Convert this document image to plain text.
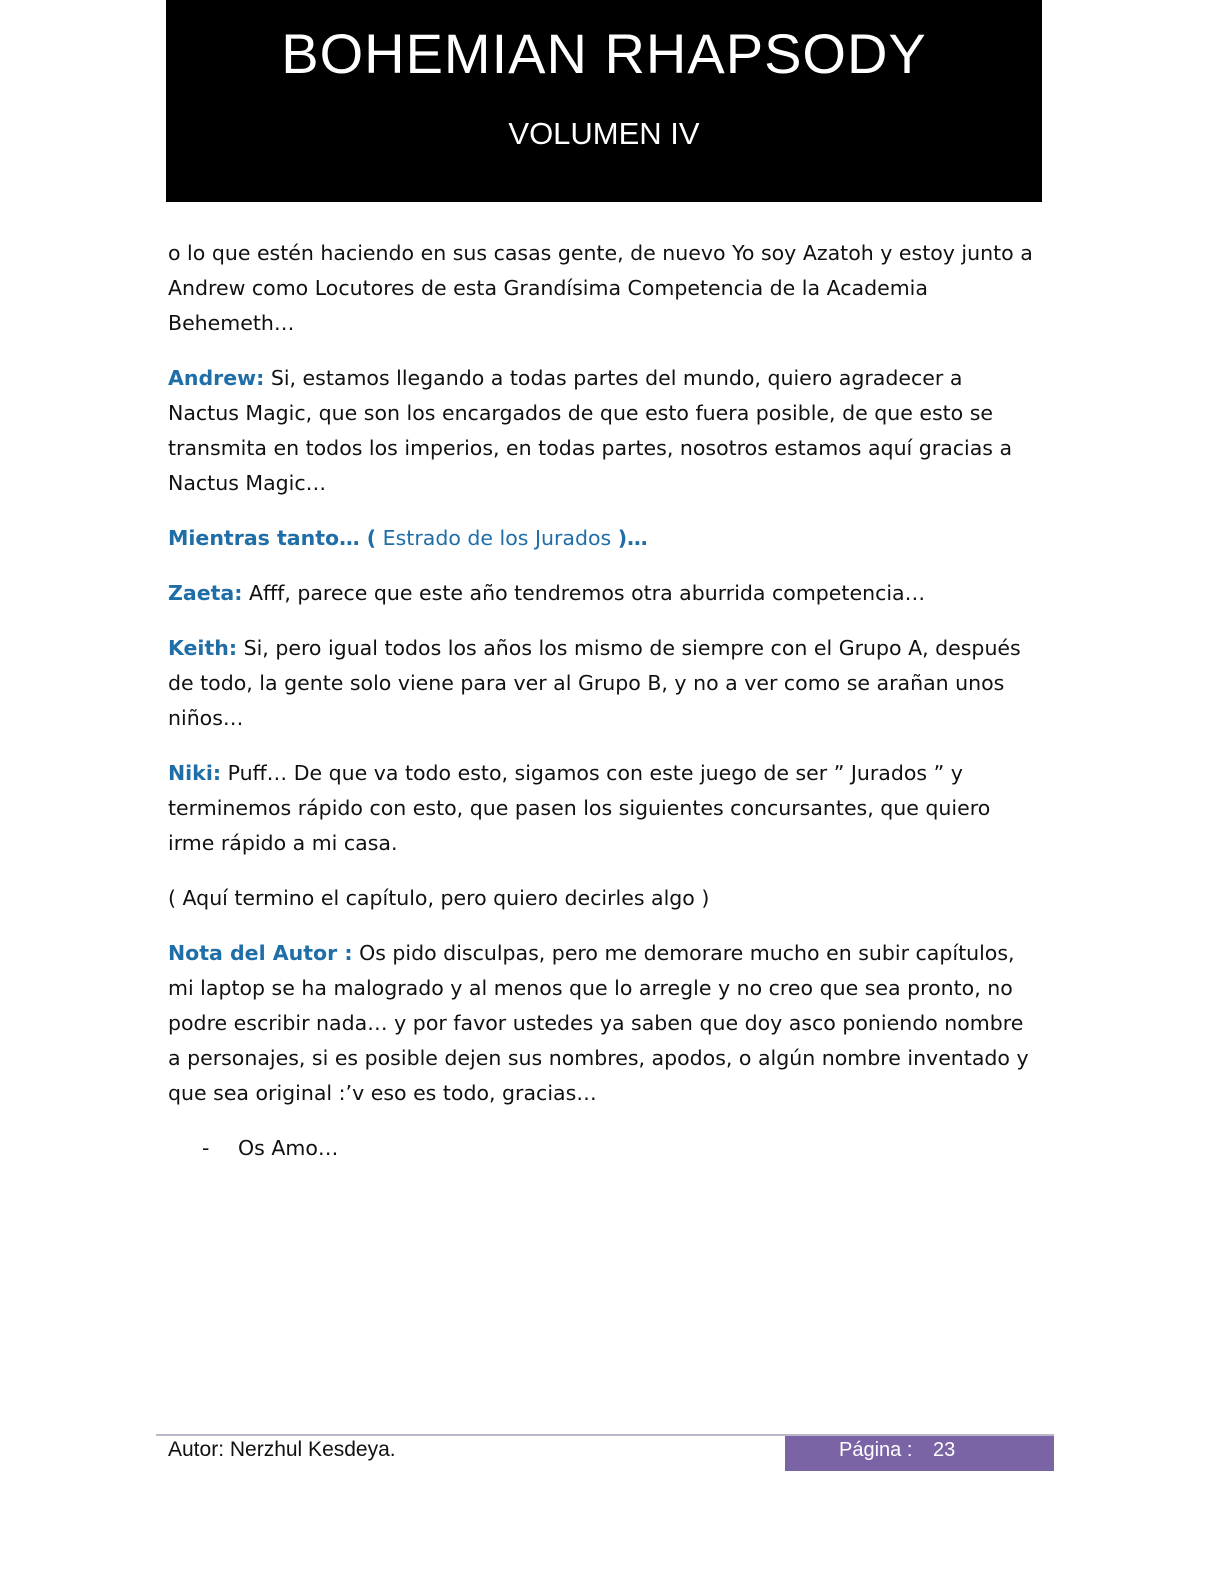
BOHEMIAN RHAPSODY
VOLUMEN IV

o lo que estén haciendo en sus casas gente, de nuevo Yo soy Azatoh y estoy junto a Andrew como Locutores de esta Grandísima Competencia de la Academia Behemeth…

Andrew: Si, estamos llegando a todas partes del mundo, quiero agradecer a Nactus Magic, que son los encargados de que esto fuera posible, de que esto se transmita en todos los imperios, en todas partes, nosotros estamos aquí gracias a Nactus Magic…

Mientras tanto… ( Estrado de los Jurados )…

Zaeta: Afff, parece que este año tendremos otra aburrida competencia…

Keith: Si, pero igual todos los años los mismo de siempre con el Grupo A, después de todo, la gente solo viene para ver al Grupo B, y no a ver como se arañan unos niños…

Niki: Puff… De que va todo esto, sigamos con este juego de ser ˮ Jurados ˮ y terminemos rápido con esto, que pasen los siguientes concursantes, que quiero irme rápido a mi casa.

( Aquí termino el capítulo, pero quiero decirles algo )

Nota del Autor : Os pido disculpas, pero me demorare mucho en subir capítulos, mi laptop se ha malogrado y al menos que lo arregle y no creo que sea pronto, no podre escribir nada… y por favor ustedes ya saben que doy asco poniendo nombre a personajes, si es posible dejen sus nombres, apodos, o algún nombre inventado y que sea original :’v eso es todo, gracias…

- Os Amo…

Autor: Nerzhul Kesdeya.	Página : 23
